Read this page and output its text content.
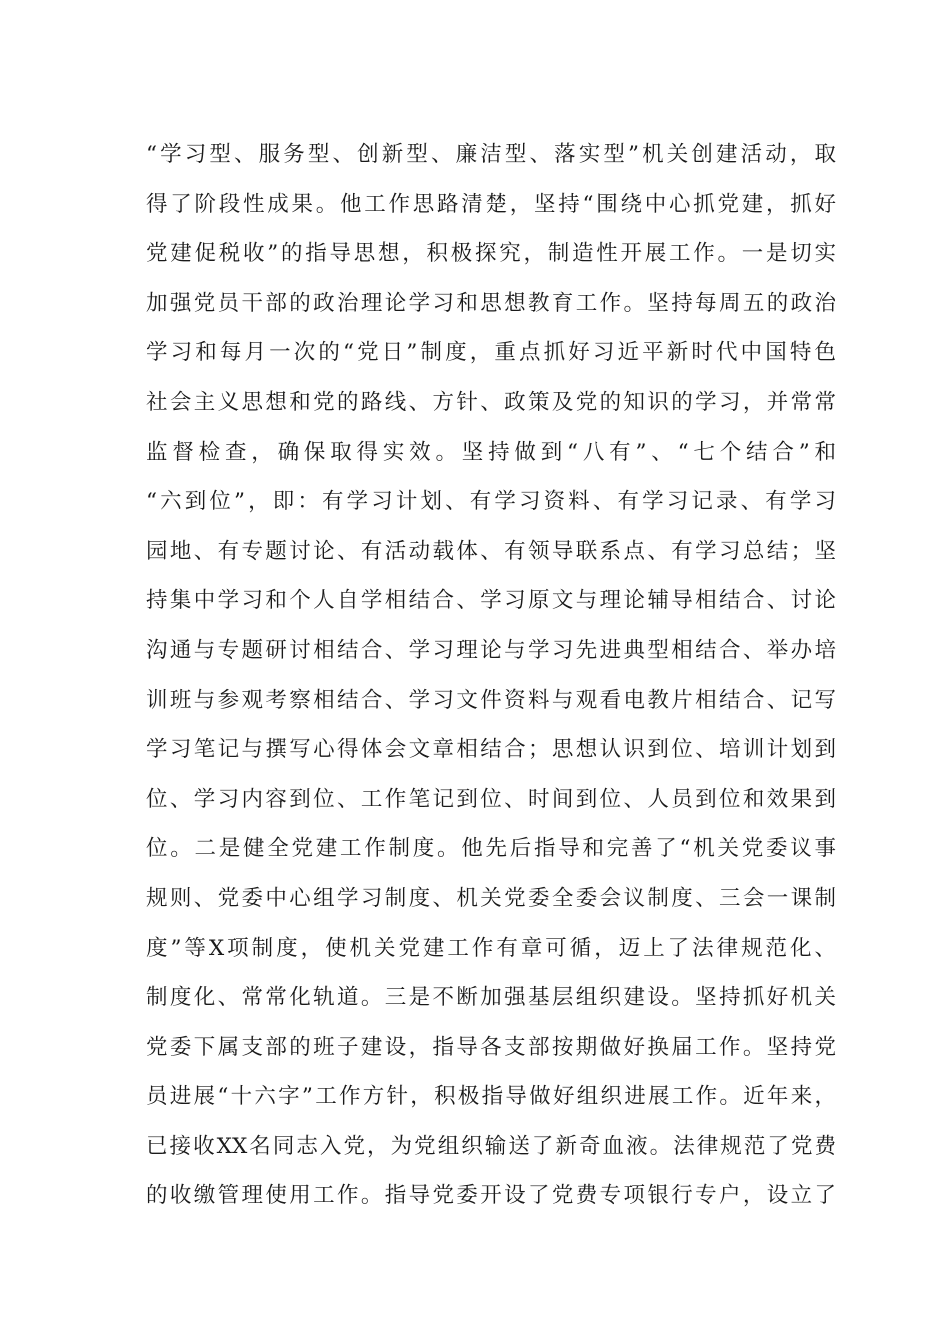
“学习型、服务型、创新型、廉洁型、落实型”机关创建活动，取
得了阶段性成果。他工作思路清楚，坚持“围绕中心抓党建，抓好
党建促税收”的指导思想，积极探究，制造性开展工作。一是切实
加强党员干部的政治理论学习和思想教育工作。坚持每周五的政治
学习和每月一次的“党日”制度，重点抓好习近平新时代中国特色
社会主义思想和党的路线、方针、政策及党的知识的学习，并常常
监督检查，确保取得实效。坚持做到“八有”、“七个结合”和
“六到位”，即：有学习计划、有学习资料、有学习记录、有学习
园地、有专题讨论、有活动载体、有领导联系点、有学习总结；坚
持集中学习和个人自学相结合、学习原文与理论辅导相结合、讨论
沟通与专题研讨相结合、学习理论与学习先进典型相结合、举办培
训班与参观考察相结合、学习文件资料与观看电教片相结合、记写
学习笔记与撰写心得体会文章相结合；思想认识到位、培训计划到
位、学习内容到位、工作笔记到位、时间到位、人员到位和效果到
位。二是健全党建工作制度。他先后指导和完善了“机关党委议事
规则、党委中心组学习制度、机关党委全委会议制度、三会一课制
度”等X项制度，使机关党建工作有章可循，迈上了法律规范化、
制度化、常常化轨道。三是不断加强基层组织建设。坚持抓好机关
党委下属支部的班子建设，指导各支部按期做好换届工作。坚持党
员进展“十六字”工作方针，积极指导做好组织进展工作。近年来，
已接收XX名同志入党，为党组织输送了新奇血液。法律规范了党费
的收缴管理使用工作。指导党委开设了党费专项银行专户，设立了
